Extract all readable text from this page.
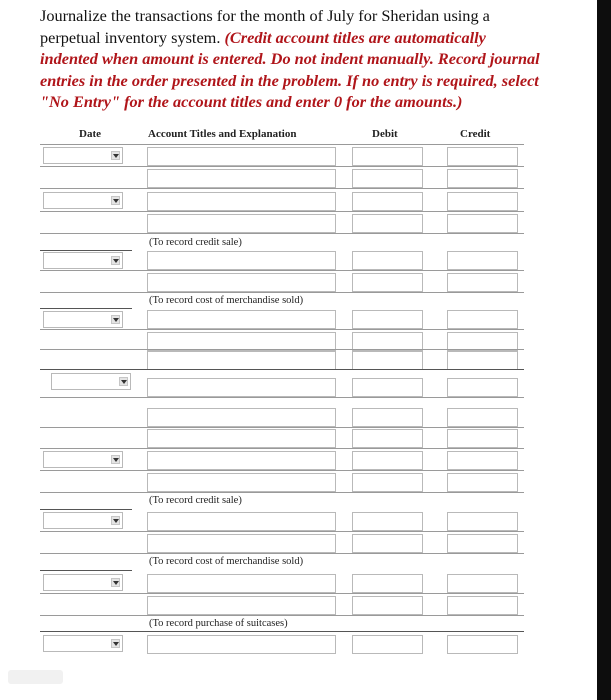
Journalize the transactions for the month of July for Sheridan using a perpetual inventory system. (Credit account titles are automatically indented when amount is entered. Do not indent manually. Record journal entries in the order presented in the problem. If no entry is required, select "No Entry" for the account titles and enter 0 for the amounts.)
Date	Account Titles and Explanation	Debit	Credit
(To record credit sale)
(To record cost of merchandise sold)
(To record credit sale)
(To record cost of merchandise sold)
(To record purchase of suitcases)
